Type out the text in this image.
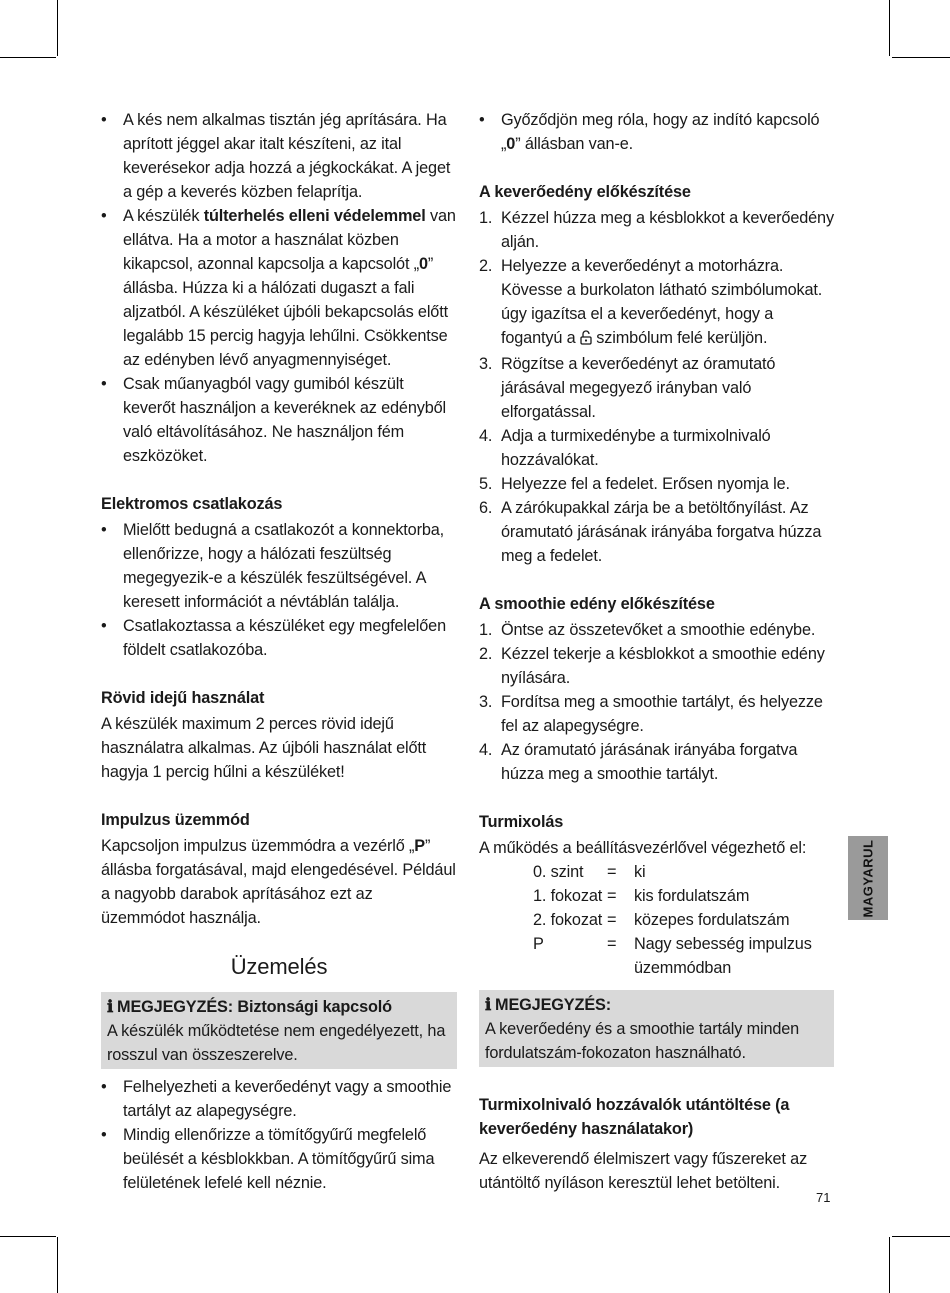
• A kés nem alkalmas tisztán jég aprítására. Ha aprított jéggel akar italt készíteni, az ital keverésekor adja hozzá a jégkockákat. A jeget a gép a keverés közben felaprítja.
• A készülék túlterhelés elleni védelemmel van ellátva. Ha a motor a használat közben kikapcsol, azonnal kapcsolja a kapcsolót „0” állásba. Húzza ki a hálózati dugaszt a fali aljzatból. A készüléket újbóli bekapcsolás előtt legalább 15 percig hagyja lehűlni. Csökkentse az edényben lévő anyagmennyiséget.
• Csak műanyagból vagy gumiból készült keverőt használjon a keveréknek az edényből való eltávolításához. Ne használjon fém eszközöket.
Elektromos csatlakozás
• Mielőtt bedugná a csatlakozót a konnektorba, ellenőrizze, hogy a hálózati feszültség megegyezik-e a készülék feszültségével. A keresett információt a névtáblán találja.
• Csatlakoztassa a készüléket egy megfelelően földelt csatlakozóba.
Rövid idejű használat

A készülék maximum 2 perces rövid idejű használatra alkalmas. Az újbóli használat előtt hagyja 1 percig hűlni a készüléket!

Impulzus üzemmód

Kapcsoljon impulzus üzemmódra a vezérlő „P” állásba forgatásával, majd elengedésével. Például a nagyobb darabok aprításához ezt az üzemmódot használja.

Üzemelés
ℹ MEGJEGYZÉS: Biztonsági kapcsoló
A készülék működtetése nem engedélyezett, ha rosszul van összeszerelve.
• Felhelyezheti a keverőedényt vagy a smoothie tartályt az alapegységre.
• Mindig ellenőrizze a tömítőgyűrű megfelelő beülését a késblokkban. A tömítőgyűrű sima felületének lefelé kell néznie.
• Győződjön meg róla, hogy az indító kapcsoló „0” állásban van-e.
A keverőedény előkészítése
1. Kézzel húzza meg a késblokkot a keverőedény alján.
2. Helyezze a keverőedényt a motorházra. Kövesse a burkolaton látható szimbólumokat. úgy igazítsa el a keverőedényt, hogy a fogantyú a szimbólum felé kerüljön.
3. Rögzítse a keverőedényt az óramutató járásával megegyező irányban való elforgatással.
4. Adja a turmixedénybe a turmixolnivaló hozzávalókat.
5. Helyezze fel a fedelet. Erősen nyomja le.
6. A zárókupakkal zárja be a betöltőnyílást. Az óramutató járásának irányába forgatva húzza meg a fedelet.
A smoothie edény előkészítése
1. Öntse az összetevőket a smoothie edénybe.
2. Kézzel tekerje a késblokkot a smoothie edény nyílására.
3. Fordítsa meg a smoothie tartályt, és helyezze fel az alapegységre.
4. Az óramutató járásának irányába forgatva húzza meg a smoothie tartályt.
Turmixolás

A működés a beállításvezérlővel végezhető el:

0. szint	=	ki
1. fokozat	=	kis fordulatszám
2. fokozat	=	közepes fordulatszám
P	=	Nagy sebesség impulzus üzemmódban
ℹ MEGJEGYZÉS:
A keverőedény és a smoothie tartály minden fordulatszám-fokozaton használható.
Turmixolnivaló hozzávalók utántöltése (a keverőedény használatakor)

Az elkeverendő élelmiszert vagy fűszereket az utántöltő nyíláson keresztül lehet betölteni.

MAGYARUL
71
